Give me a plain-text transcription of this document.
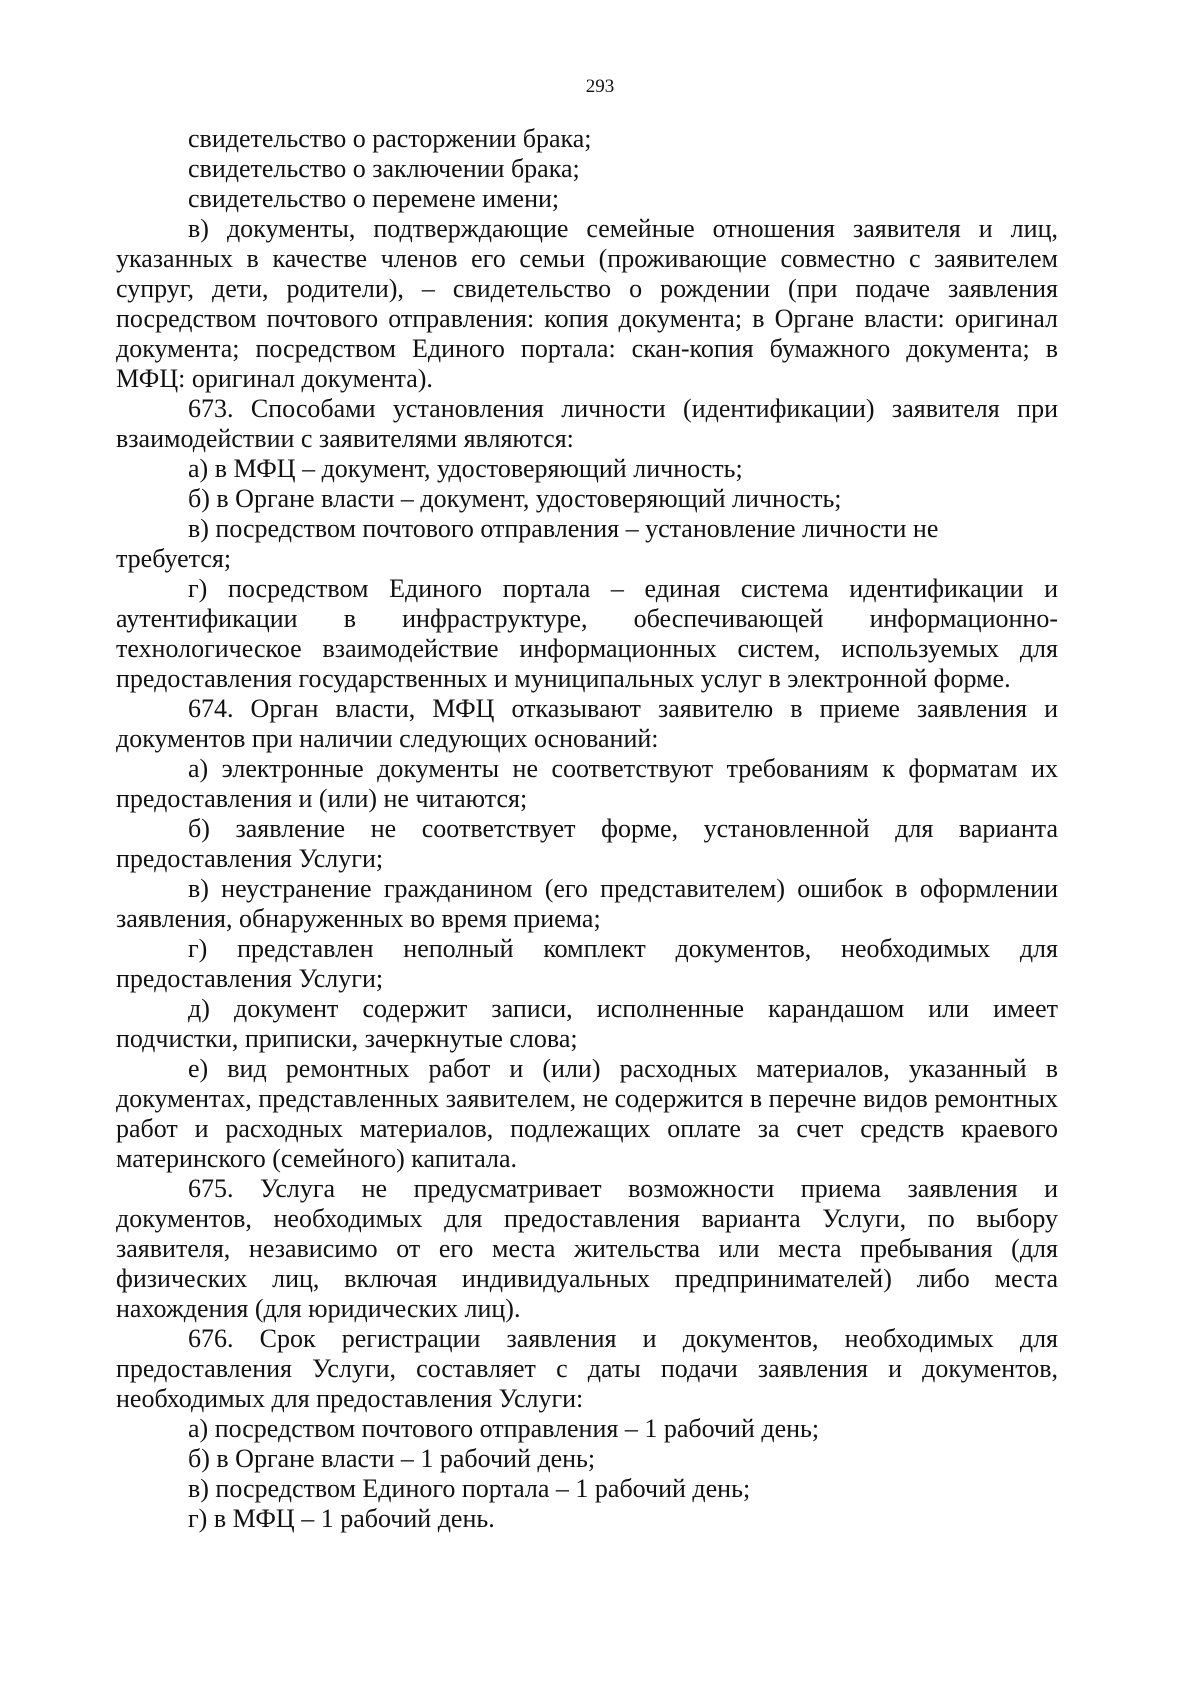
293

свидетельство о расторжении брака;

свидетельство о заключении брака;

свидетельство о перемене имени;

в) документы, подтверждающие семейные отношения заявителя и лиц, указанных в качестве членов его семьи (проживающие совместно с заявителем супруг, дети, родители), – свидетельство о рождении (при подаче заявления посредством почтового отправления: копия документа; в Органе власти: оригинал документа; посредством Единого портала: скан-копия бумажного документа; в МФЦ: оригинал документа).

673. Способами установления личности (идентификации) заявителя при взаимодействии с заявителями являются:

а) в МФЦ – документ, удостоверяющий личность;

б) в Органе власти – документ, удостоверяющий личность;

в) посредством почтового отправления – установление личности не требуется;

г) посредством Единого портала – единая система идентификации и аутентификации в инфраструктуре, обеспечивающей информационно-технологическое взаимодействие информационных систем, используемых для предоставления государственных и муниципальных услуг в электронной форме.

674. Орган власти, МФЦ отказывают заявителю в приеме заявления и документов при наличии следующих оснований:

а) электронные документы не соответствуют требованиям к форматам их предоставления и (или) не читаются;

б) заявление не соответствует форме, установленной для варианта предоставления Услуги;

в) неустранение гражданином (его представителем) ошибок в оформлении заявления, обнаруженных во время приема;

г) представлен неполный комплект документов, необходимых для предоставления Услуги;

д) документ содержит записи, исполненные карандашом или имеет подчистки, приписки, зачеркнутые слова;

е) вид ремонтных работ и (или) расходных материалов, указанный в документах, представленных заявителем, не содержится в перечне видов ремонтных работ и расходных материалов, подлежащих оплате за счет средств краевого материнского (семейного) капитала.

675. Услуга не предусматривает возможности приема заявления и документов, необходимых для предоставления варианта Услуги, по выбору заявителя, независимо от его места жительства или места пребывания (для физических лиц, включая индивидуальных предпринимателей) либо места нахождения (для юридических лиц).

676. Срок регистрации заявления и документов, необходимых для предоставления Услуги, составляет с даты подачи заявления и документов, необходимых для предоставления Услуги:

а) посредством почтового отправления – 1 рабочий день;

б) в Органе власти – 1 рабочий день;

в) посредством Единого портала – 1 рабочий день;

г) в МФЦ – 1 рабочий день.
